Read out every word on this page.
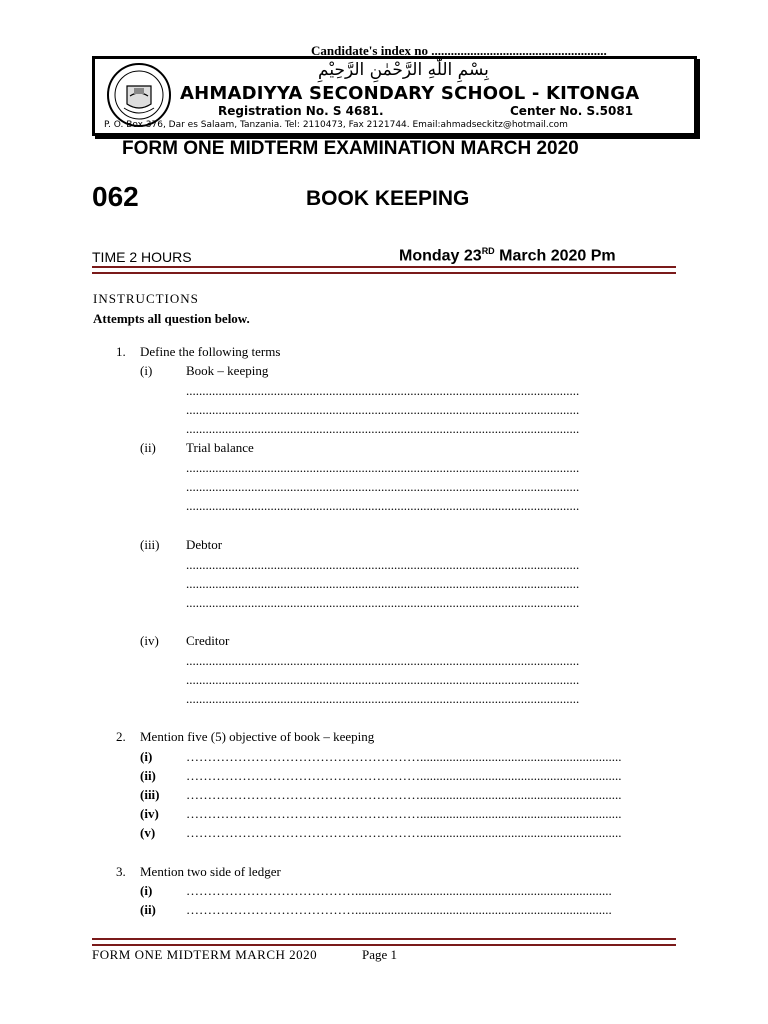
Candidate's index no ......................................................
بِسْمِ اللّٰهِ الرَّحْمٰنِ الرَّحِيْمِ
AHMADIYYA SECONDARY SCHOOL - KITONGA
Registration No. S 4681.	Center No. S.5081
P. O. Box 376, Dar es Salaam, Tanzania. Tel: 2110473, Fax 2121744. Email:ahmadseckitz@hotmail.com
FORM ONE MIDTERM EXAMINATION MARCH 2020
062	BOOK KEEPING
TIME 2 HOURS	Monday 23RD March 2020 Pm
INSTRUCTIONS
Attempts all question below.
1. Define the following terms
(i)	Book – keeping
.........................................................................................................................
.........................................................................................................................
.........................................................................................................................
(ii) Trial balance
.........................................................................................................................
.........................................................................................................................
.........................................................................................................................
(iii) Debtor
.........................................................................................................................
.........................................................................................................................
.........................................................................................................................
(iv) Creditor
.........................................................................................................................
.........................................................................................................................
.........................................................................................................................
2. Mention five (5) objective of book – keeping
(i)	………………………………………………..............................................................
(ii) ………………………………………………..............................................................
(iii) ………………………………………………..............................................................
(iv) ………………………………………………..............................................................
(v) ………………………………………………..............................................................
3. Mention two side of ledger
(i)	…………………………………...............................................................................
(ii) …………………………………...............................................................................
FORM ONE MIDTERM MARCH 2020	Page 1
